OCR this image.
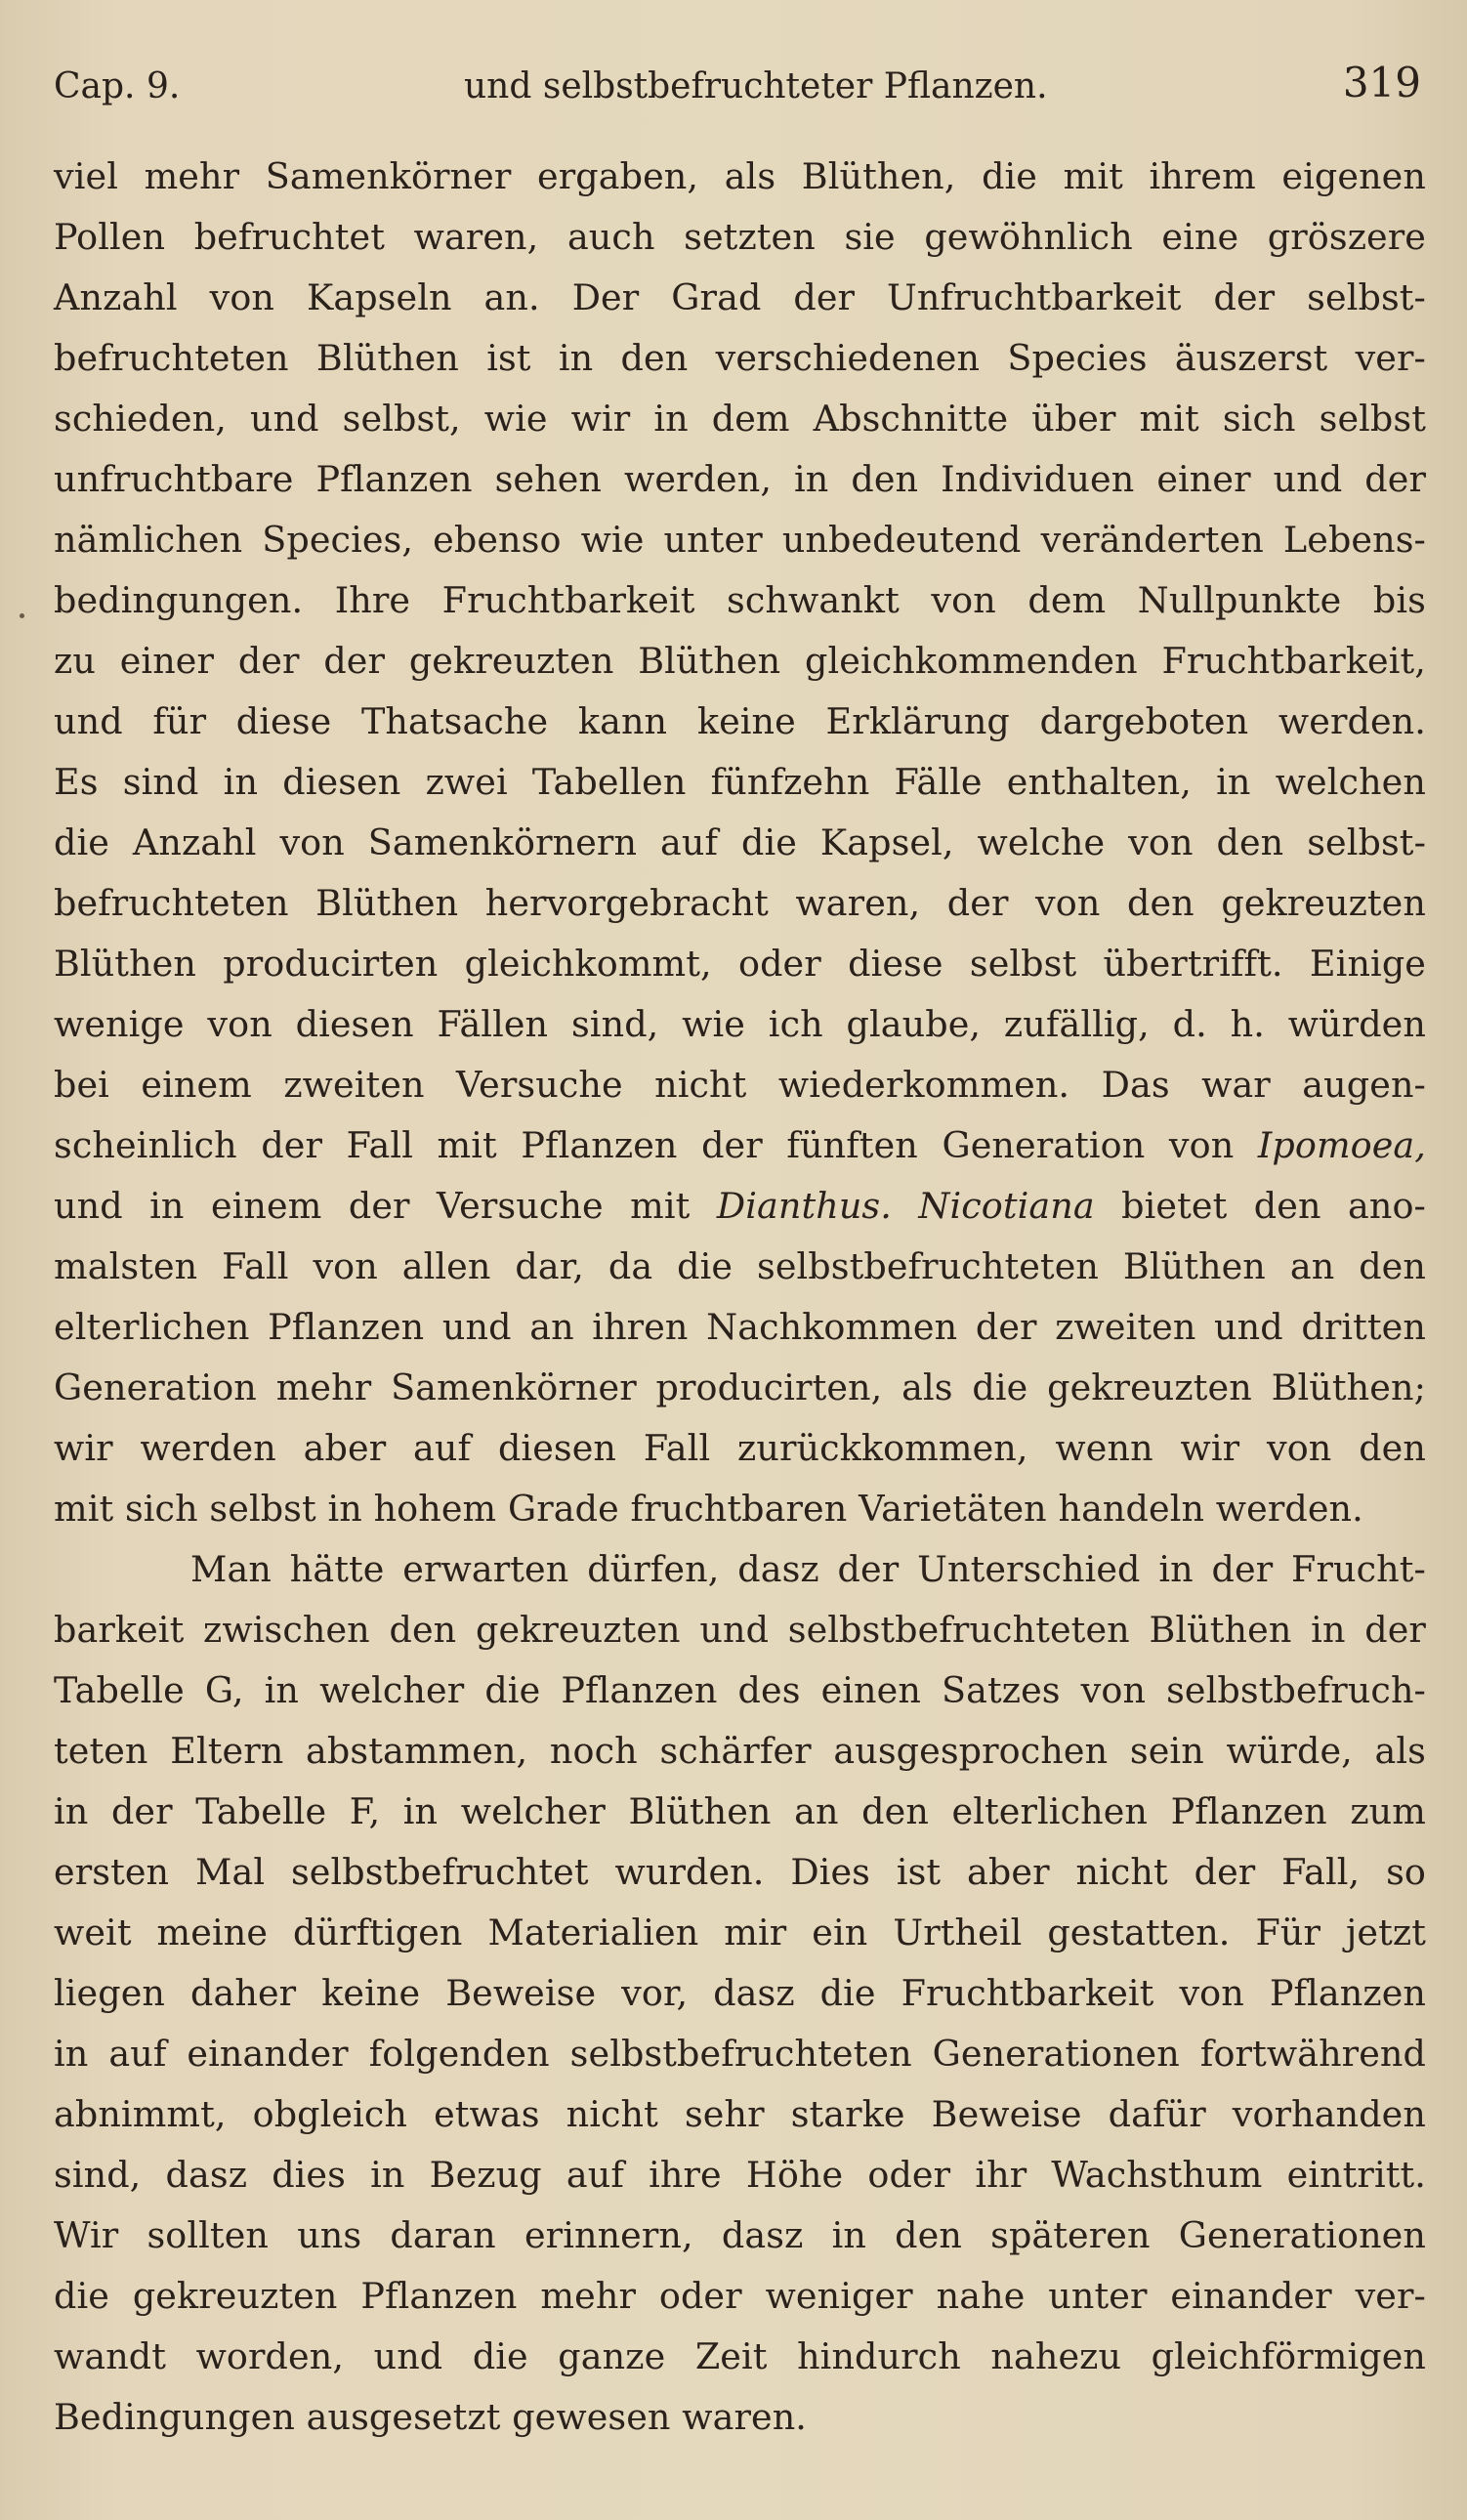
Cap. 9.	und selbstbefruchteter Pflanzen.	319
viel mehr Samenkörner ergaben, als Blüthen, die mit ihrem eigenen
Pollen befruchtet waren, auch setzten sie gewöhnlich eine gröszere
Anzahl von Kapseln an. Der Grad der Unfruchtbarkeit der selbst-
befruchteten Blüthen ist in den verschiedenen Species äuszerst ver-
schieden, und selbst, wie wir in dem Abschnitte über mit sich selbst
unfruchtbare Pflanzen sehen werden, in den Individuen einer und der
nämlichen Species, ebenso wie unter unbedeutend veränderten Lebens-
bedingungen. Ihre Fruchtbarkeit schwankt von dem Nullpunkte bis
zu einer der der gekreuzten Blüthen gleichkommenden Fruchtbarkeit,
und für diese Thatsache kann keine Erklärung dargeboten werden.
Es sind in diesen zwei Tabellen fünfzehn Fälle enthalten, in welchen
die Anzahl von Samenkörnern auf die Kapsel, welche von den selbst-
befruchteten Blüthen hervorgebracht waren, der von den gekreuzten
Blüthen producirten gleichkommt, oder diese selbst übertrifft. Einige
wenige von diesen Fällen sind, wie ich glaube, zufällig, d. h. würden
bei einem zweiten Versuche nicht wiederkommen. Das war augen-
scheinlich der Fall mit Pflanzen der fünften Generation von Ipomoea,
und in einem der Versuche mit Dianthus. Nicotiana bietet den ano-
malsten Fall von allen dar, da die selbstbefruchteten Blüthen an den
elterlichen Pflanzen und an ihren Nachkommen der zweiten und dritten
Generation mehr Samenkörner producirten, als die gekreuzten Blüthen;
wir werden aber auf diesen Fall zurückkommen, wenn wir von den
mit sich selbst in hohem Grade fruchtbaren Varietäten handeln werden.
Man hätte erwarten dürfen, dasz der Unterschied in der Frucht-
barkeit zwischen den gekreuzten und selbstbefruchteten Blüthen in der
Tabelle G, in welcher die Pflanzen des einen Satzes von selbstbefruch-
teten Eltern abstammen, noch schärfer ausgesprochen sein würde, als
in der Tabelle F, in welcher Blüthen an den elterlichen Pflanzen zum
ersten Mal selbstbefruchtet wurden. Dies ist aber nicht der Fall, so
weit meine dürftigen Materialien mir ein Urtheil gestatten. Für jetzt
liegen daher keine Beweise vor, dasz die Fruchtbarkeit von Pflanzen
in auf einander folgenden selbstbefruchteten Generationen fortwährend
abnimmt, obgleich etwas nicht sehr starke Beweise dafür vorhanden
sind, dasz dies in Bezug auf ihre Höhe oder ihr Wachsthum eintritt.
Wir sollten uns daran erinnern, dasz in den späteren Generationen
die gekreuzten Pflanzen mehr oder weniger nahe unter einander ver-
wandt worden, und die ganze Zeit hindurch nahezu gleichförmigen
Bedingungen ausgesetzt gewesen waren.
